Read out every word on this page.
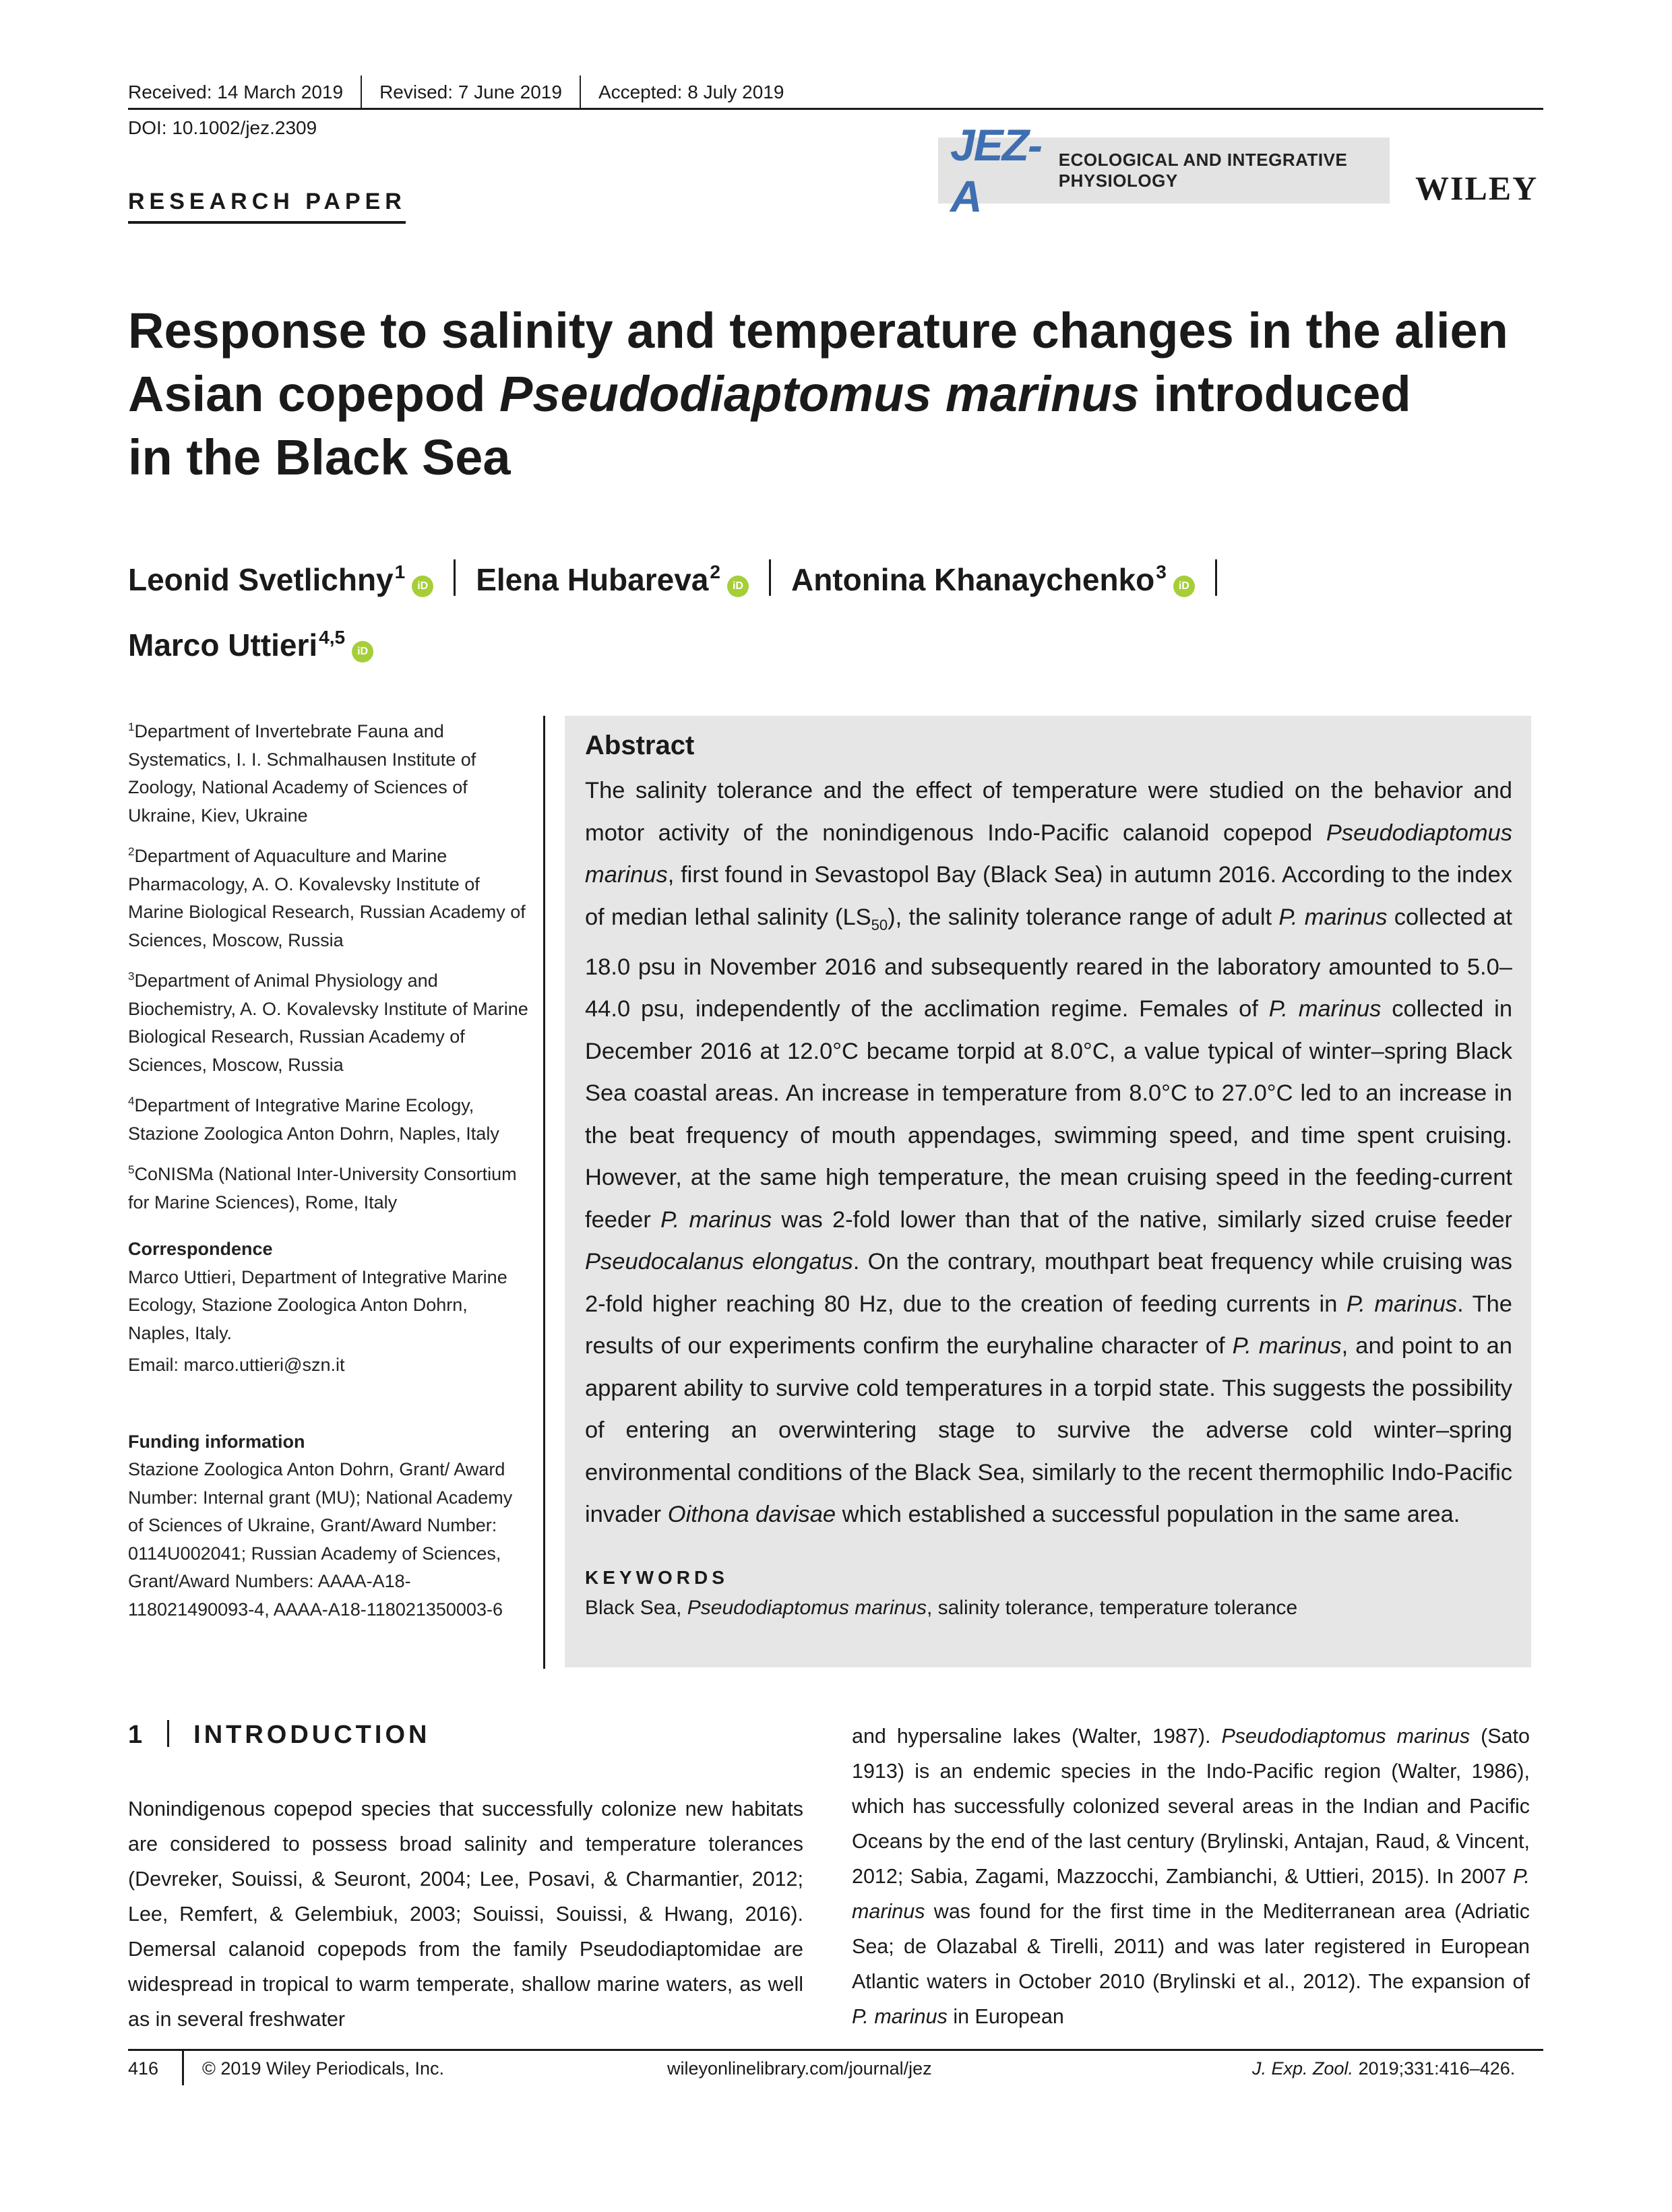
Received: 14 March 2019	Revised: 7 June 2019	Accepted: 8 July 2019
DOI: 10.1002/jez.2309
RESEARCH PAPER
JEZ-A
ECOLOGICAL AND INTEGRATIVE PHYSIOLOGY	WILEY
Response to salinity and temperature changes in the alien
Asian copepod Pseudodiaptomus marinus introduced
in the Black Sea
Leonid Svetlichny$^1$iD Elena Hubareva$^2$iD Antonina Khanaychenko$^3$iD
Marco Uttieri$^{4,5}$iD
$^1$Department of Invertebrate Fauna and Systematics, I. I. Schmalhausen Institute of Zoology, National Academy of Sciences of Ukraine, Kiev, Ukraine
$^2$Department of Aquaculture and Marine Pharmacology, A. O. Kovalevsky Institute of Marine Biological Research, Russian Academy of Sciences, Moscow, Russia
$^3$Department of Animal Physiology and Biochemistry, A. O. Kovalevsky Institute of Marine Biological Research, Russian Academy of Sciences, Moscow, Russia
$^4$Department of Integrative Marine Ecology, Stazione Zoologica Anton Dohrn, Naples, Italy
$^5$CoNISMa (National Inter-University Consortium for Marine Sciences), Rome, Italy
Correspondence
Marco Uttieri, Department of Integrative Marine Ecology, Stazione Zoologica Anton Dohrn, Naples, Italy.
Email: marco.uttieri@szn.it
Funding information
Stazione Zoologica Anton Dohrn, Grant/ Award Number: Internal grant (MU); National Academy of Sciences of Ukraine, Grant/Award Number: 0114U002041; Russian Academy of Sciences, Grant/Award Numbers: AAAA-A18-118021490093-4, AAAA-A18-118021350003-6
Abstract
The salinity tolerance and the effect of temperature were studied on the behavior and motor activity of the nonindigenous Indo-Pacific calanoid copepod Pseudodiaptomus marinus, first found in Sevastopol Bay (Black Sea) in autumn 2016. According to the index of median lethal salinity $(LS_{50})$, the salinity tolerance range of adult P. marinus collected at 18.0 psu in November 2016 and subsequently reared in the laboratory amounted to 5.0–44.0 psu, independently of the acclimation regime. Females of P. marinus collected in December 2016 at 12.0°C became torpid at 8.0°C, a value typical of winter–spring Black Sea coastal areas. An increase in temperature from 8.0°C to 27.0°C led to an increase in the beat frequency of mouth appendages, swimming speed, and time spent cruising. However, at the same high temperature, the mean cruising speed in the feeding-current feeder P. marinus was 2-fold lower than that of the native, similarly sized cruise feeder Pseudocalanus elongatus. On the contrary, mouthpart beat frequency while cruising was 2-fold higher reaching 80 Hz, due to the creation of feeding currents in P. marinus. The results of our experiments confirm the euryhaline character of P. marinus, and point to an apparent ability to survive cold temperatures in a torpid state. This suggests the possibility of entering an overwintering stage to survive the adverse cold winter–spring environmental conditions of the Black Sea, similarly to the recent thermophilic Indo-Pacific invader Oithona davisae which established a successful population in the same area.
KEYWORDS
Black Sea, Pseudodiaptomus marinus, salinity tolerance, temperature tolerance
1 INTRODUCTION
Nonindigenous copepod species that successfully colonize new habitats are considered to possess broad salinity and temperature tolerances (Devreker, Souissi, & Seuront, 2004; Lee, Posavi, & Charmantier, 2012; Lee, Remfert, & Gelembiuk, 2003; Souissi, Souissi, & Hwang, 2016). Demersal calanoid copepods from the family Pseudodiaptomidae are widespread in tropical to warm temperate, shallow marine waters, as well as in several freshwater
and hypersaline lakes (Walter, 1987). Pseudodiaptomus marinus (Sato 1913) is an endemic species in the Indo-Pacific region (Walter, 1986), which has successfully colonized several areas in the Indian and Pacific Oceans by the end of the last century (Brylinski, Antajan, Raud, & Vincent, 2012; Sabia, Zagami, Mazzocchi, Zambianchi, & Uttieri, 2015). In 2007 P. marinus was found for the first time in the Mediterranean area (Adriatic Sea; de Olazabal & Tirelli, 2011) and was later registered in European Atlantic waters in October 2010 (Brylinski et al., 2012). The expansion of P. marinus in European
416 © 2019 Wiley Periodicals, Inc.	wileyonlinelibrary.com/journal/jez	J. Exp. Zool. 2019;331:416–426.
